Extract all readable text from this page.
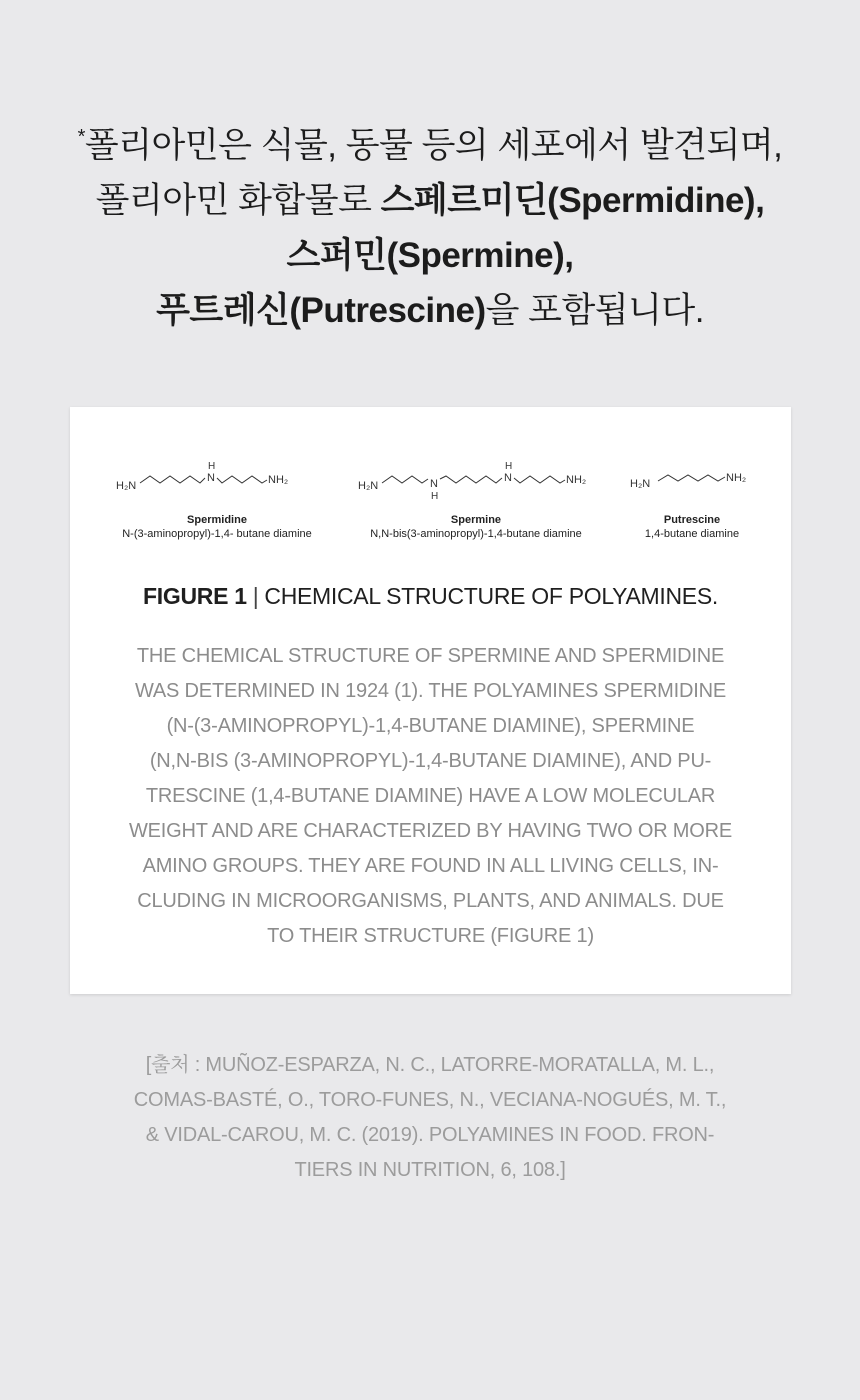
*폴리아민은 식물, 동물 등의 세포에서 발견되며,
폴리아민 화합물로 스페르미딘(Spermidine),
스퍼민(Spermine),
푸트레신(Putrescine)을 포함됩니다.
H₂N
N
H
NH₂
Spermidine
N-(3-aminopropyl)-1,4- butane diamine
H₂N	N
H
N
H
NH₂
Spermine
N,N-bis(3-aminopropyl)-1,4-butane diamine
H₂N	NH₂
Putrescine
1,4-butane diamine
FIGURE 1 | CHEMICAL STRUCTURE OF POLYAMINES.
THE CHEMICAL STRUCTURE OF SPERMINE AND SPERMIDINE
WAS DETERMINED IN 1924 (1). THE POLYAMINES SPERMIDINE
(N-(3-AMINOPROPYL)-1,4-BUTANE DIAMINE), SPERMINE
(N,N-BIS (3-AMINOPROPYL)-1,4-BUTANE DIAMINE), AND PU-
TRESCINE (1,4-BUTANE DIAMINE) HAVE A LOW MOLECULAR
WEIGHT AND ARE CHARACTERIZED BY HAVING TWO OR MORE
AMINO GROUPS. THEY ARE FOUND IN ALL LIVING CELLS, IN-
CLUDING IN MICROORGANISMS, PLANTS, AND ANIMALS. DUE
TO THEIR STRUCTURE (FIGURE 1)
[출처 : MUÑOZ-ESPARZA, N. C., LATORRE-MORATALLA, M. L.,
COMAS-BASTÉ, O., TORO-FUNES, N., VECIANA-NOGUÉS, M. T.,
& VIDAL-CAROU, M. C. (2019). POLYAMINES IN FOOD. FRON-
TIERS IN NUTRITION, 6, 108.]
